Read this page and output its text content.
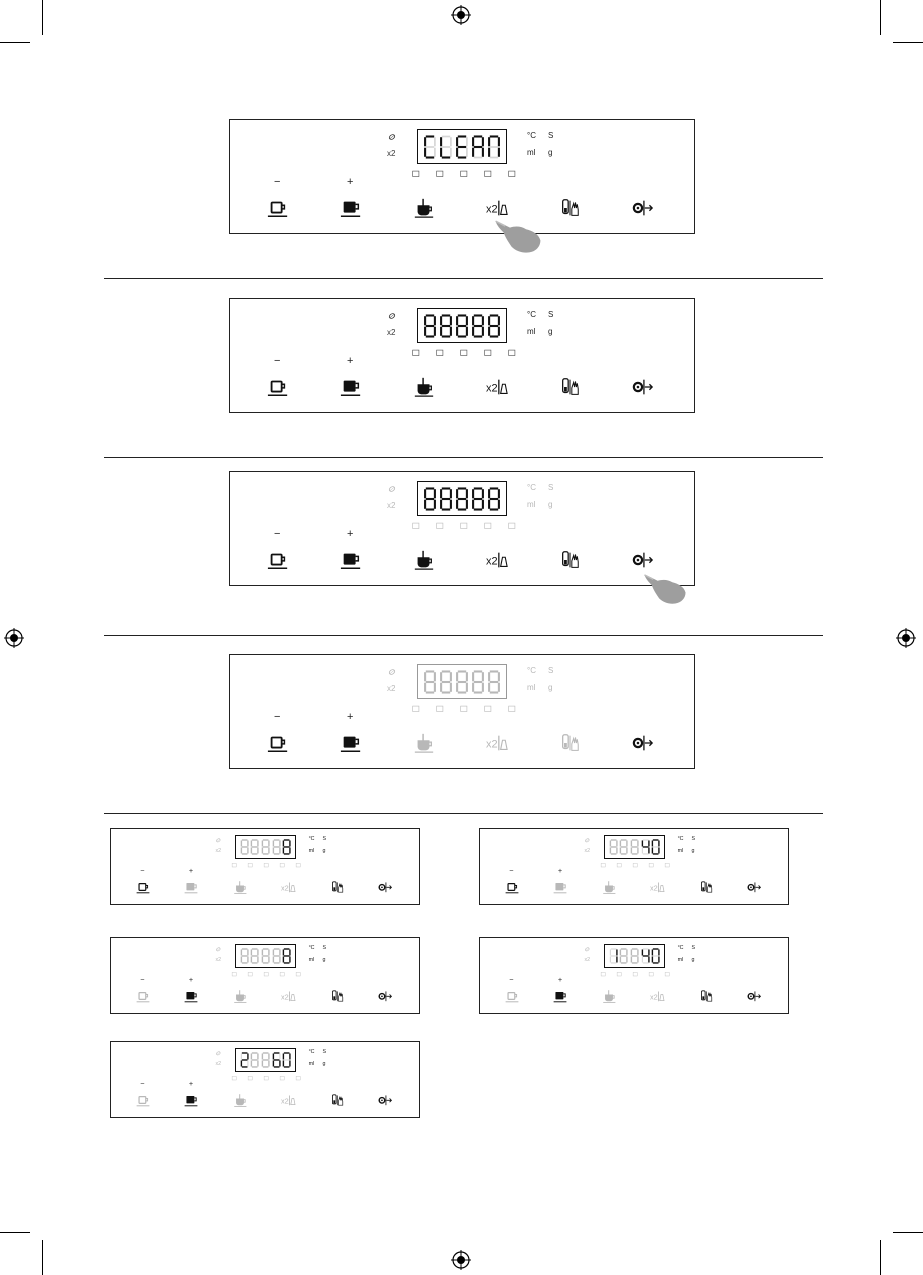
x2
°C S
ml g
−	+
x2
x2
°C S
ml g
−	+
x2
x2
°C S
ml g
−	+
x2
x2
°C S
ml g
−	+
x2
x2
°C S
ml g
−	+
x2
x2
°C S
ml g
−	+
x2
x2
°C S
ml g
−	+
x2
x2
°C S
ml g
−	+
x2
x2
°C S
ml g
−	+
x2
